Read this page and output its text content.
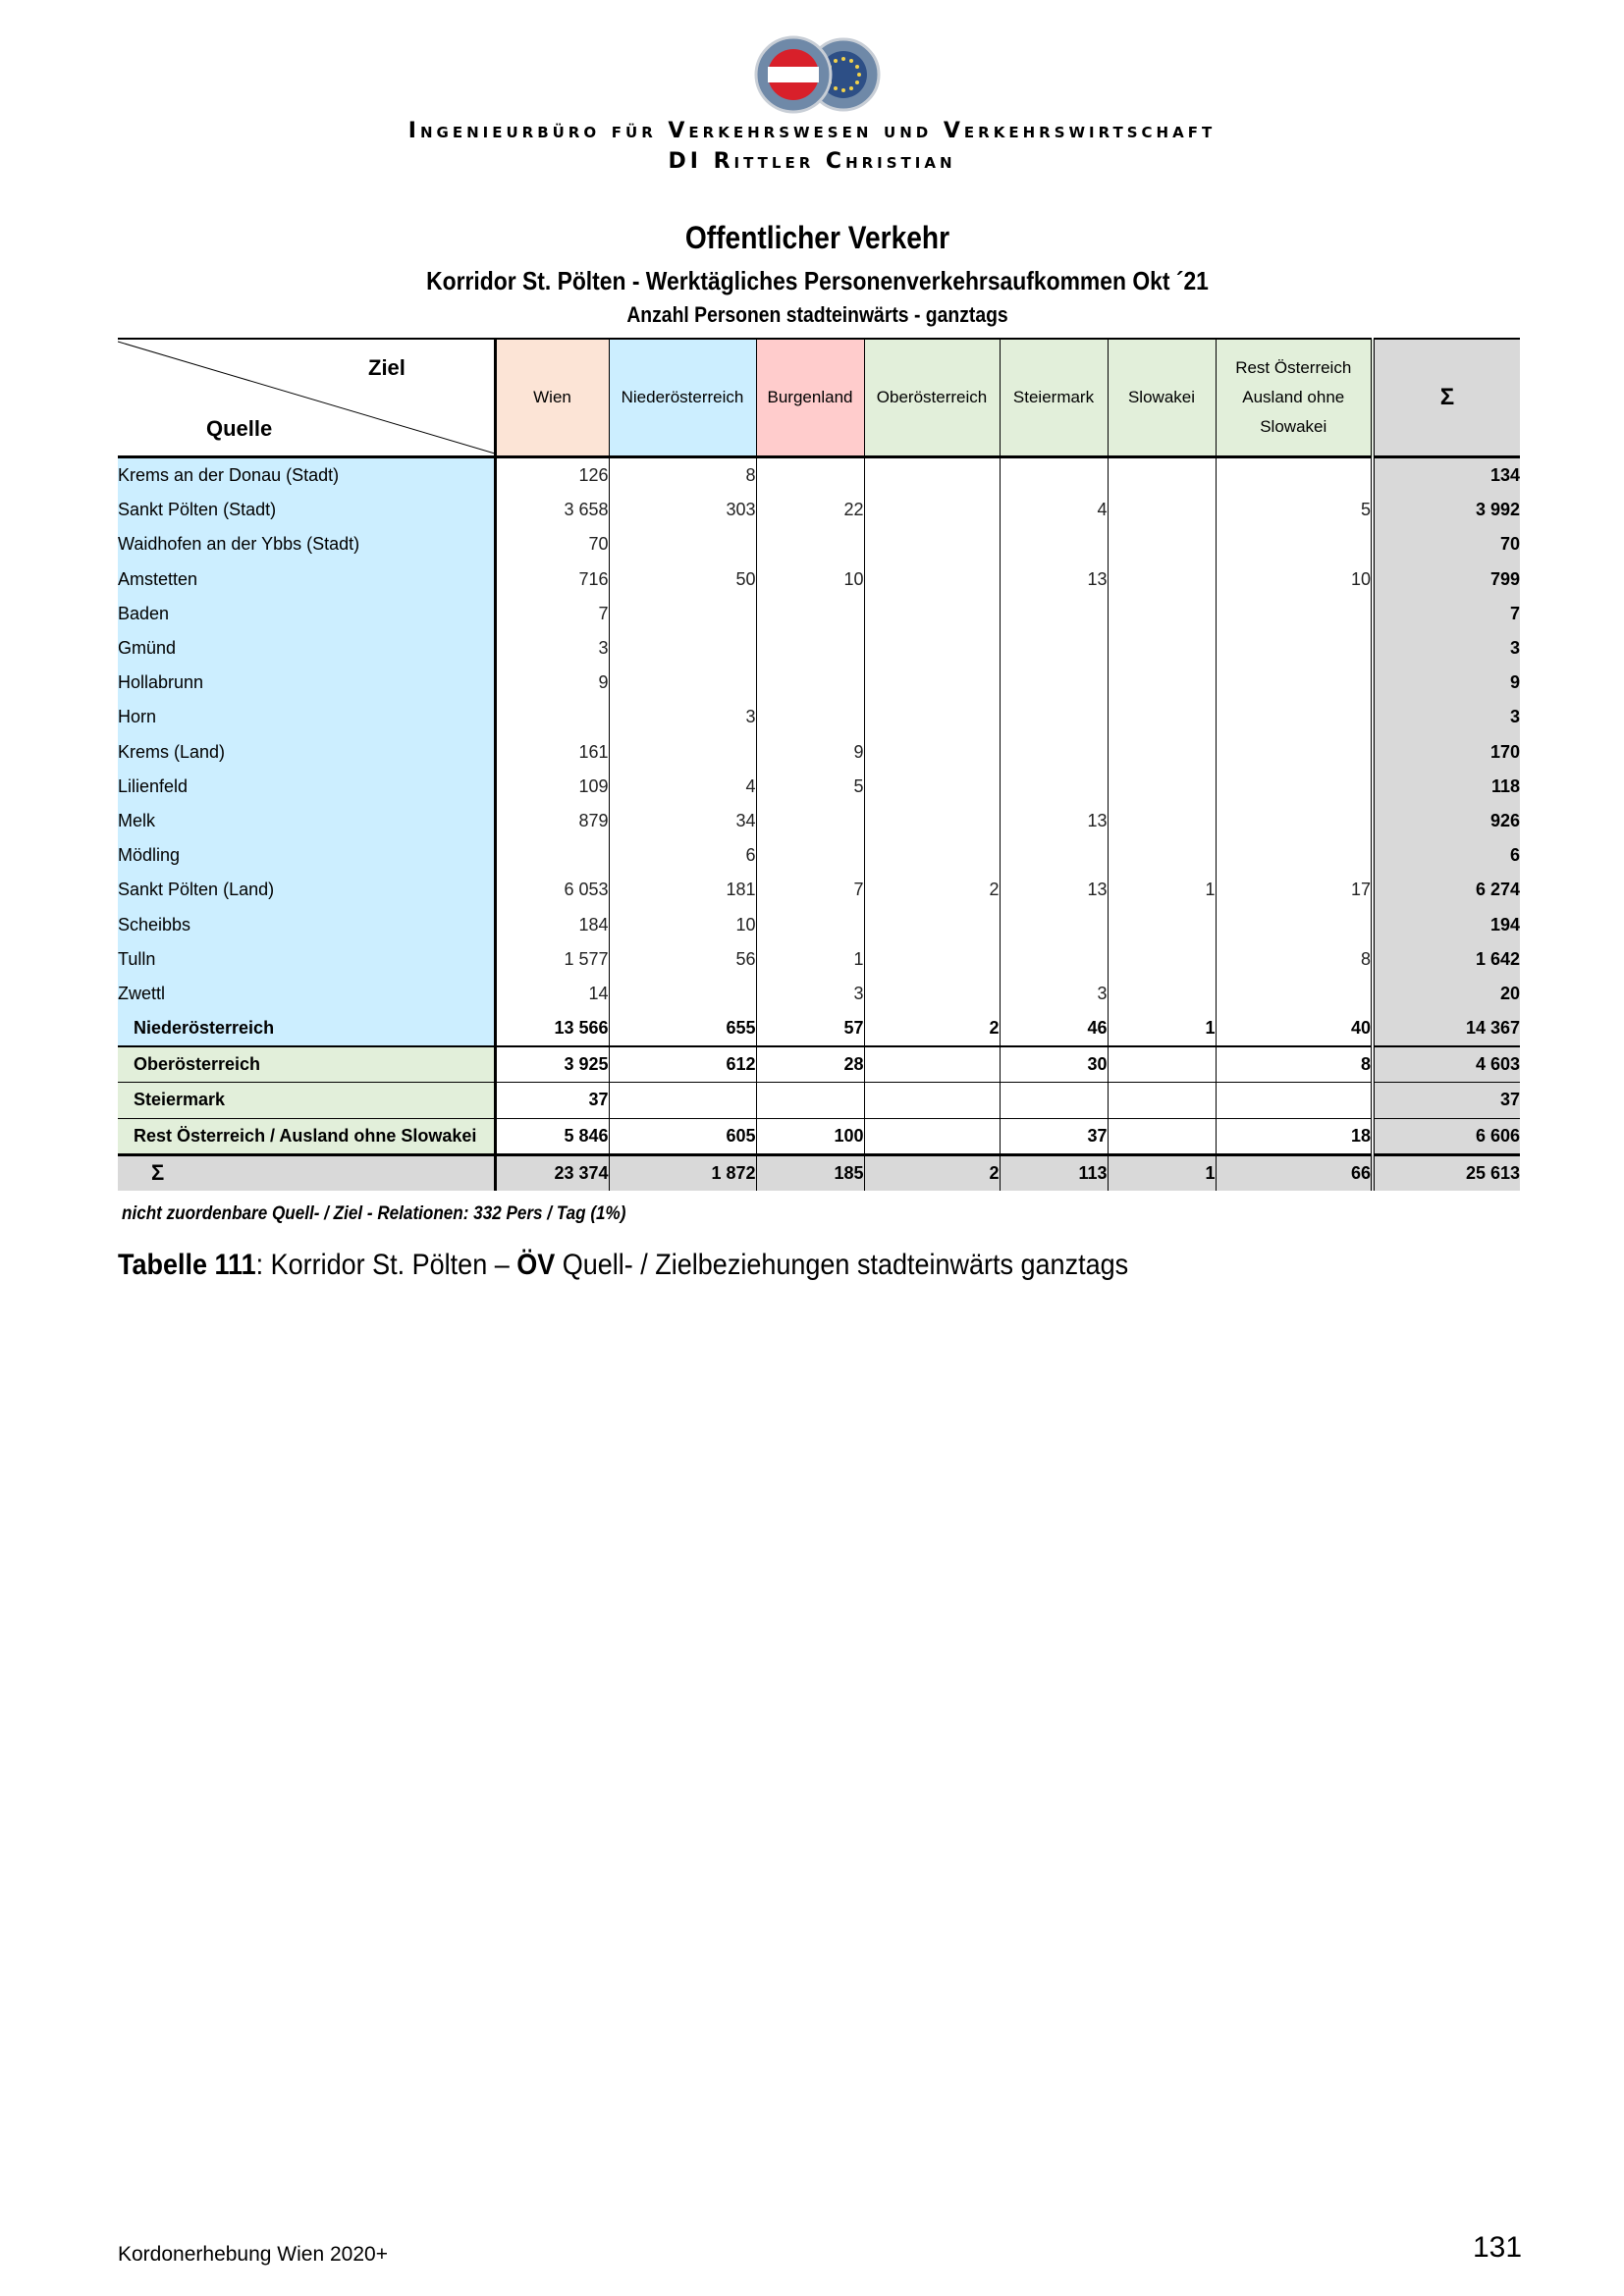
Ingenieurbüro für Verkehrswesen und Verkehrswirtschaft
DI Rittler Christian
Offentlicher Verkehr
Korridor St. Pölten - Werktägliches Personenverkehrsaufkommen Okt ´21
Anzahl Personen stadteinwärts - ganztags
Ziel
Quelle	Wien	Niederösterreich	Burgenland	Oberösterreich	Steiermark	Slowakei	Rest Österreich Ausland ohne Slowakei	Σ
Krems an der Donau (Stadt)	126	8						134
Sankt Pölten (Stadt)	3 658	303	22		4		5	3 992
Waidhofen an der Ybbs (Stadt)	70							70
Amstetten	716	50	10		13		10	799
Baden	7							7
Gmünd	3							3
Hollabrunn	9							9
Horn		3						3
Krems (Land)	161		9					170
Lilienfeld	109	4	5					118
Melk	879	34			13			926
Mödling		6						6
Sankt Pölten (Land)	6 053	181	7	2	13	1	17	6 274
Scheibbs	184	10						194
Tulln	1 577	56	1				8	1 642
Zwettl	14		3		3			20
Niederösterreich	13 566	655	57	2	46	1	40	14 367
Oberösterreich	3 925	612	28		30		8	4 603
Steiermark	37							37
Rest Österreich / Ausland ohne Slowakei	5 846	605	100		37		18	6 606
Σ	23 374	1 872	185	2	113	1	66	25 613
nicht zuordenbare Quell- / Ziel - Relationen: 332 Pers / Tag (1%)
Tabelle 111: Korridor St. Pölten – ÖV Quell- / Zielbeziehungen stadteinwärts ganztags
Kordonerhebung Wien 2020+	131
